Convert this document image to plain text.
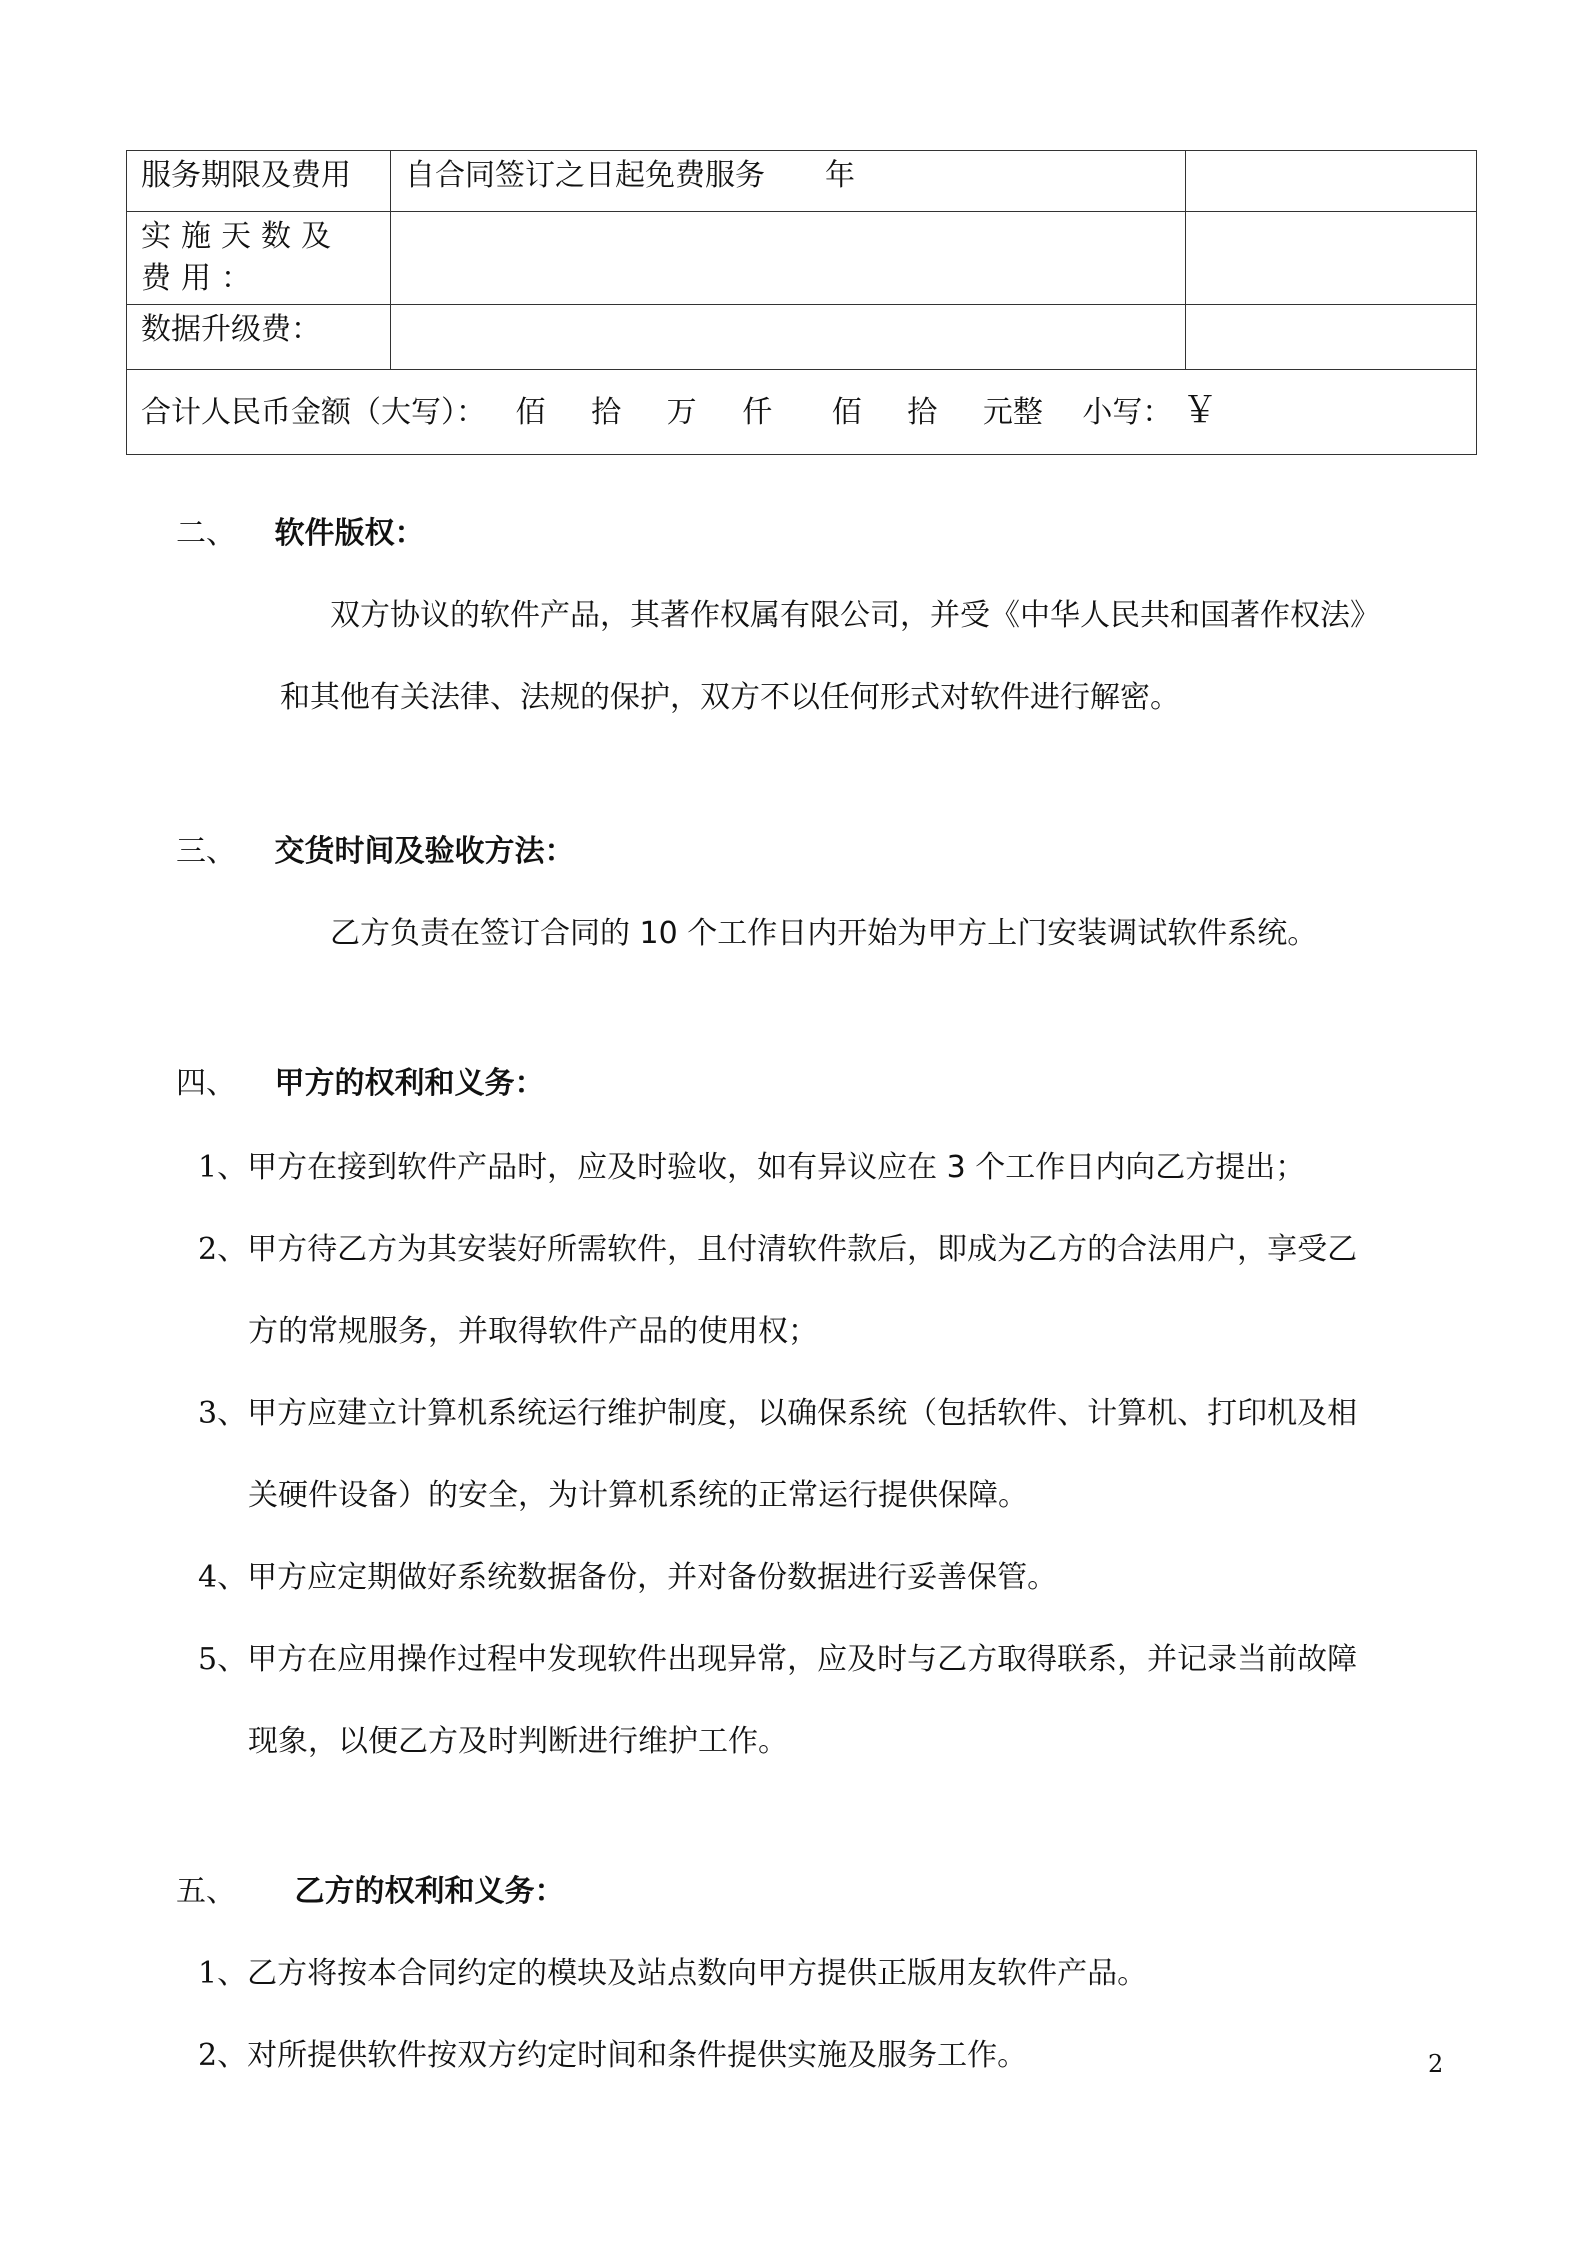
服务期限及费用	自合同签订之日起免费服务　　年	
实施天数及费用：		
数据升级费：		
合计人民币金额（大写）： 佰 拾 万 仟 佰 拾 元整 小写： ￥		
二、 软件版权：
双方协议的软件产品，其著作权属有限公司，并受《中华人民共和国著作权法》
和其他有关法律、法规的保护，双方不以任何形式对软件进行解密。
三、 交货时间及验收方法：
乙方负责在签订合同的 10 个工作日内开始为甲方上门安装调试软件系统。
四、 甲方的权利和义务：
1、甲方在接到软件产品时，应及时验收，如有异议应在 3 个工作日内向乙方提出；
2、甲方待乙方为其安装好所需软件，且付清软件款后，即成为乙方的合法用户，享受乙
方的常规服务，并取得软件产品的使用权；
3、甲方应建立计算机系统运行维护制度，以确保系统（包括软件、计算机、打印机及相
关硬件设备）的安全，为计算机系统的正常运行提供保障。
4、甲方应定期做好系统数据备份，并对备份数据进行妥善保管。
5、甲方在应用操作过程中发现软件出现异常，应及时与乙方取得联系，并记录当前故障
现象，以便乙方及时判断进行维护工作。
五、 乙方的权利和义务：
1、乙方将按本合同约定的模块及站点数向甲方提供正版用友软件产品。
2、对所提供软件按双方约定时间和条件提供实施及服务工作。	2
